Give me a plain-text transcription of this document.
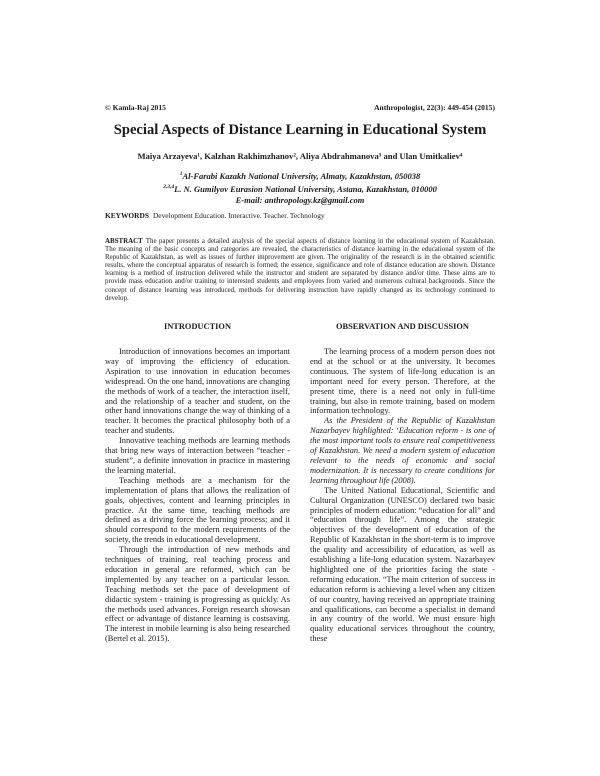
© Kamla-Raj 2015	Anthropologist, 22(3): 449-454 (2015)
Special Aspects of Distance Learning in Educational System
Maiya Arzayeva¹, Kalzhan Rakhimzhanov², Aliya Abdrahmanova³ and Ulan Umitkaliev⁴
$^1$Al-Farabi Kazakh National University, Almaty, Kazakhstan, 050038
$^{2,3,4}$L. N. Gumilyov Eurasion National University, Astana, Kazakhstan, 010000
E-mail: anthropology.kz@gmail.com
KEYWORDS Development Education. Interactive. Teacher. Technology

ABSTRACT The paper presents a detailed analysis of the special aspects of distance learning in the educational system of Kazakhstan. The meaning of the basic concepts and categories are revealed, the characteristics of distance learning in the educational system of the Republic of Kazakhstan, as well as issues of further improvement are given. The originality of the research is in the obtained scientific results, where the conceptual apparatus of research is formed; the essence, significance and role of distance education are shown. Distance learning is a method of instruction delivered while the instructor and student are separated by distance and/or time. These aims are to provide mass education and/or training to interested students and employees from varied and numerous cultural backgrounds. Since the concept of distance learning was introduced, methods for delivering instruction have rapidly changed as its technology continued to develop.

INTRODUCTION

Introduction of innovations becomes an important way of improving the efficiency of education. Aspiration to use innovation in education becomes widespread. On the one hand, innovations are changing the methods of work of a teacher, the interaction itself, and the relationship of a teacher and student, on the other hand innovations change the way of thinking of a teacher. It becomes the practical philosophy both of a teacher and students.

Innovative teaching methods are learning methods that bring new ways of interaction between “teacher - student”, a definite innovation in practice in mastering the learning material.

Teaching methods are a mechanism for the implementation of plans that allows the realization of goals, objectives, content and learning principles in practice. At the same time, teaching methods are defined as a driving force the learning process; and it should correspond to the modern requirements of the society, the trends in educational development.

Through the introduction of new methods and techniques of training, real teaching process and education in general are reformed, which can be implemented by any teacher on a particular lesson. Teaching methods set the pace of development of didactic system - training is progressing as quickly. As the methods used advances. Foreign research showsan effect or advantage of distance learning is costsaving. The interest in mobile learning is also being researched (Bertel et al. 2015).

OBSERVATION AND DISCUSSION

The learning process of a modern person does not end at the school or at the university. It becomes continuous. The system of life-long education is an important need for every person. Therefore, at the present time, there is a need not only in full-time training, but also in remote training, based on modern information technology.

As the President of the Republic of Kazakhstan Nazarbayev highlighted: ‘Education reform - is one of the most important tools to ensure real competitiveness of Kazakhstan. We need a modern system of education relevant to the needs of economic and social modernization. It is necessary to create conditions for learning throughout life (2008).

The United National Educational, Scientific and Cultural Organization (UNESCO) declared two basic principles of modern education: “education for all” and “education through life”. Among the strategic objectives of the development of education of the Republic of Kazakhstan in the short-term is to improve the quality and accessibility of education, as well as establishing a life-long education system. Nazarbayev highlighted one of the priorities facing the state - reforming education. “The main criterion of success in education reform is achieving a level when any citizen of our country, having received an appropriate training and qualifications, can become a specialist in demand in any country of the world. We must ensure high quality educational services throughout the country, these
